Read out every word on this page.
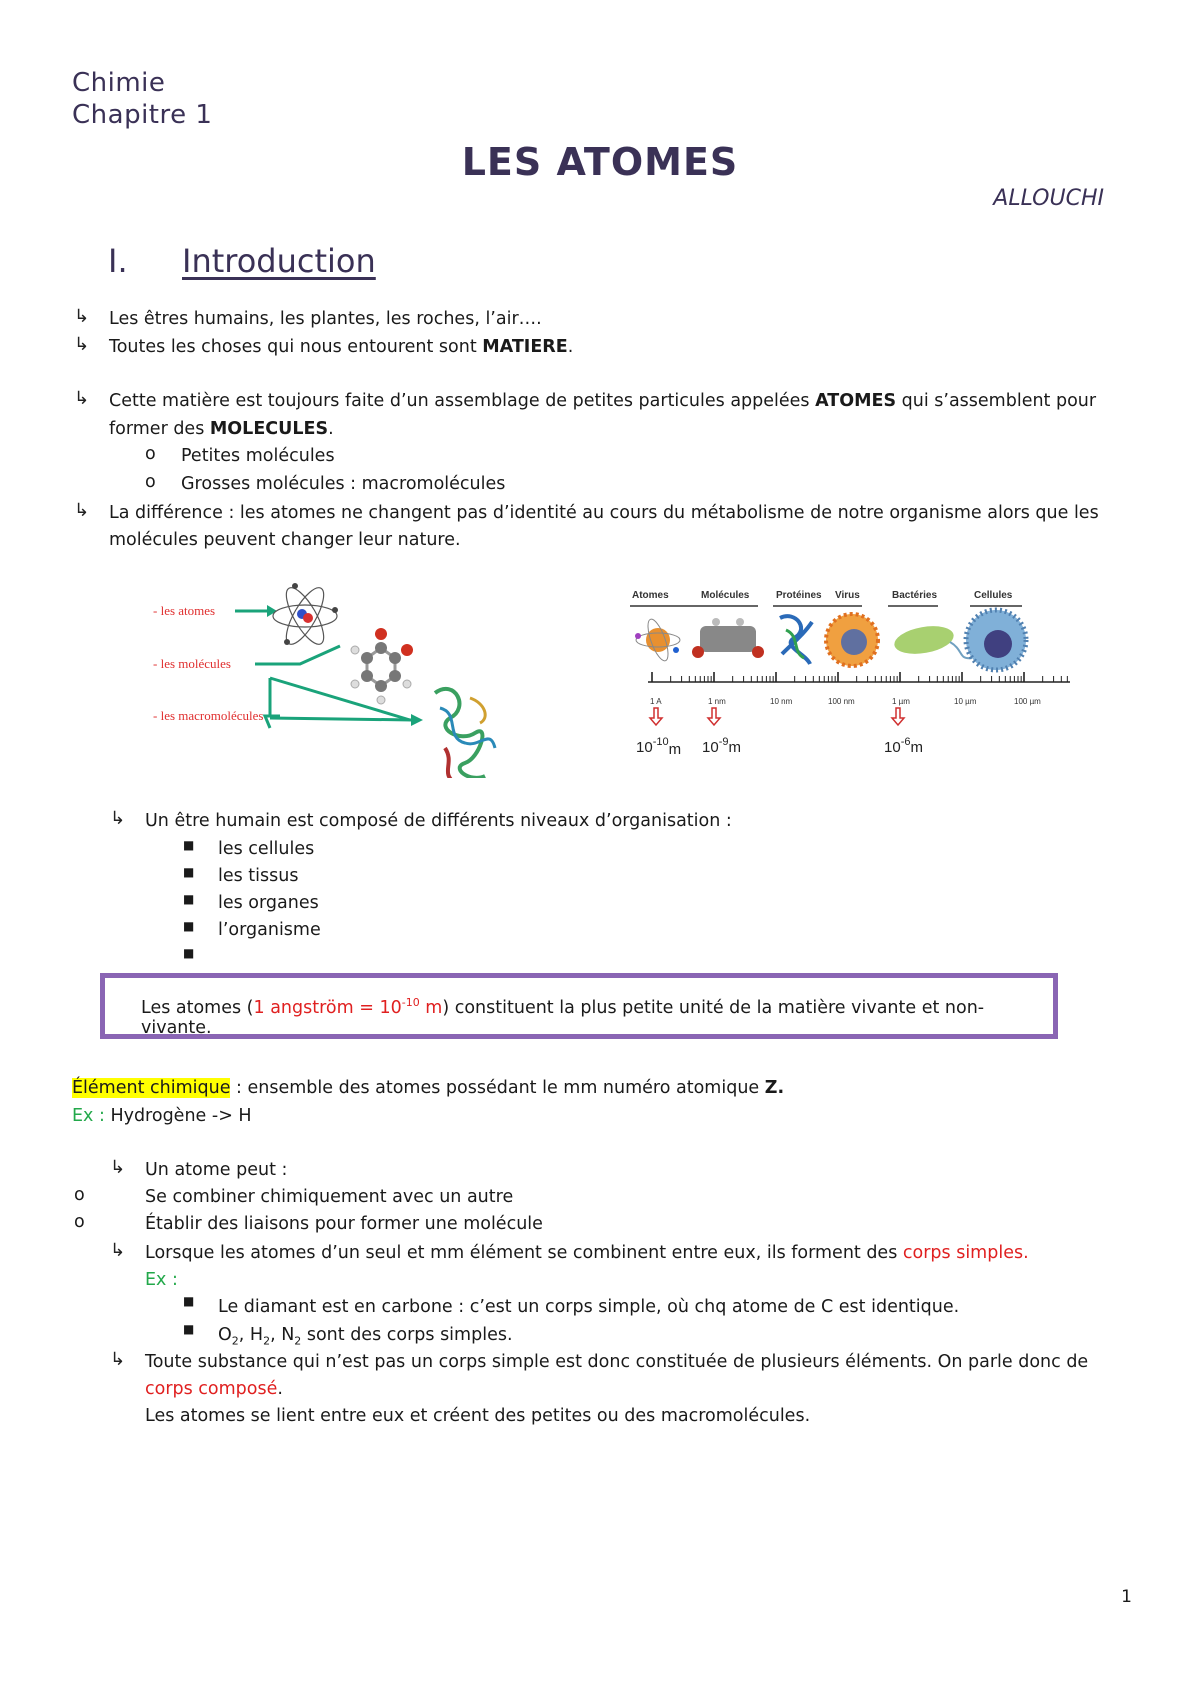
Chimie
Chapitre 1
LES ATOMES
ALLOUCHI
I. Introduction
↳ Les êtres humains, les plantes, les roches, l’air….
↳ Toutes les choses qui nous entourent sont MATIERE.
↳ Cette matière est toujours faite d’un assemblage de petites particules appelées ATOMES qui s’assemblent pour
former des MOLECULES.
o Petites molécules
o Grosses molécules : macromolécules
↳ La différence : les atomes ne changent pas d’identité au cours du métabolisme de notre organisme alors que les
molécules peuvent changer leur nature.
- les atomes
- les molécules
- les macromolécules
Atomes	Molécules	Protéines Virus	Bactéries	Cellules
1 A	1 nm	10 nm	100 nm	1 µm	10 µm	100 µm
$10^{-10}m$ $10^{-9}m$	$10^{-6}m$
↳ Un être humain est composé de différents niveaux d’organisation :
■ les cellules
■ les tissus
■ les organes
■ l’organisme
■
Les atomes (1 angström = $10^{-10}$ m) constituent la plus petite unité de la matière vivante et non-vivante.
Élément chimique : ensemble des atomes possédant le mm numéro atomique Z.
Ex : Hydrogène -> H
↳ Un atome peut :
o	Se combiner chimiquement avec un autre
o	Établir des liaisons pour former une molécule
↳ Lorsque les atomes d’un seul et mm élément se combinent entre eux, ils forment des corps simples.
Ex :
■ Le diamant est en carbone : c’est un corps simple, où chq atome de C est identique.
■ $O_2$, $H_2$, $N_2$ sont des corps simples.
↳ Toute substance qui n’est pas un corps simple est donc constituée de plusieurs éléments. On parle donc de
corps composé.
Les atomes se lient entre eux et créent des petites ou des macromolécules.
1
